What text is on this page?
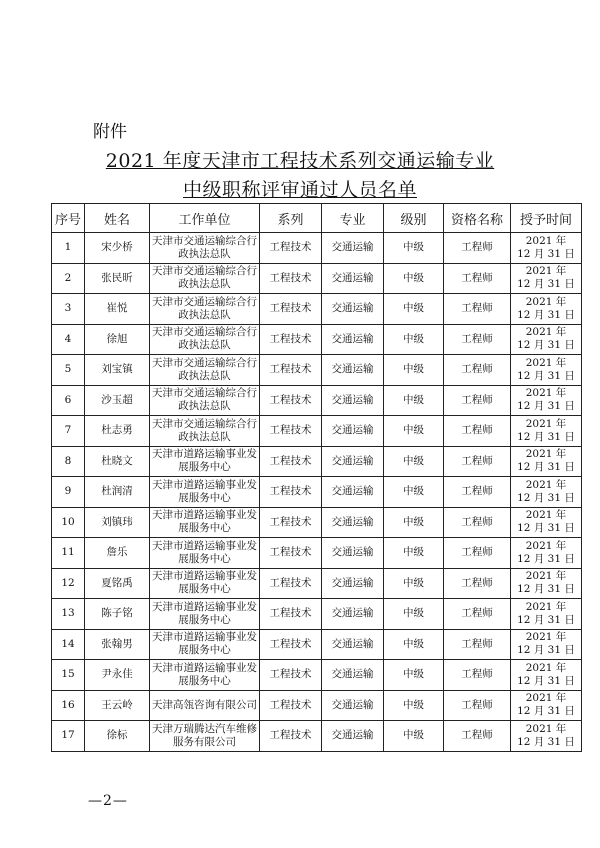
附件
2021 年度天津市工程技术系列交通运输专业
中级职称评审通过人员名单
序号	姓名	工作单位	系列	专业	级别	资格名称	授予时间
1	宋少桥	天津市交通运输综合行政执法总队	工程技术	交通运输	中级	工程师	2021 年
12 月 31 日

2	张民昕	天津市交通运输综合行政执法总队	工程技术	交通运输	中级	工程师	2021 年
12 月 31 日

3	崔悦	天津市交通运输综合行政执法总队	工程技术	交通运输	中级	工程师	2021 年
12 月 31 日

4	徐旭	天津市交通运输综合行政执法总队	工程技术	交通运输	中级	工程师	2021 年
12 月 31 日

5	刘宝镇	天津市交通运输综合行政执法总队	工程技术	交通运输	中级	工程师	2021 年
12 月 31 日

6	沙玉超	天津市交通运输综合行政执法总队	工程技术	交通运输	中级	工程师	2021 年
12 月 31 日

7	杜志勇	天津市交通运输综合行政执法总队	工程技术	交通运输	中级	工程师	2021 年
12 月 31 日

8	杜晓文	天津市道路运输事业发展服务中心	工程技术	交通运输	中级	工程师	2021 年
12 月 31 日

9	杜润清	天津市道路运输事业发展服务中心	工程技术	交通运输	中级	工程师	2021 年
12 月 31 日

10	刘镇玮	天津市道路运输事业发展服务中心	工程技术	交通运输	中级	工程师	2021 年
12 月 31 日

11	詹乐	天津市道路运输事业发展服务中心	工程技术	交通运输	中级	工程师	2021 年
12 月 31 日

12	夏铭禹	天津市道路运输事业发展服务中心	工程技术	交通运输	中级	工程师	2021 年
12 月 31 日

13	陈子铭	天津市道路运输事业发展服务中心	工程技术	交通运输	中级	工程师	2021 年
12 月 31 日

14	张翰男	天津市道路运输事业发展服务中心	工程技术	交通运输	中级	工程师	2021 年
12 月 31 日

15	尹永佳	天津市道路运输事业发展服务中心	工程技术	交通运输	中级	工程师	2021 年
12 月 31 日

16	王云岭	天津高瓴咨询有限公司	工程技术	交通运输	中级	工程师	2021 年
12 月 31 日

17	徐标	天津万瑞腾达汽车维修服务有限公司	工程技术	交通运输	中级	工程师	2021 年
12 月 31 日
—2—
